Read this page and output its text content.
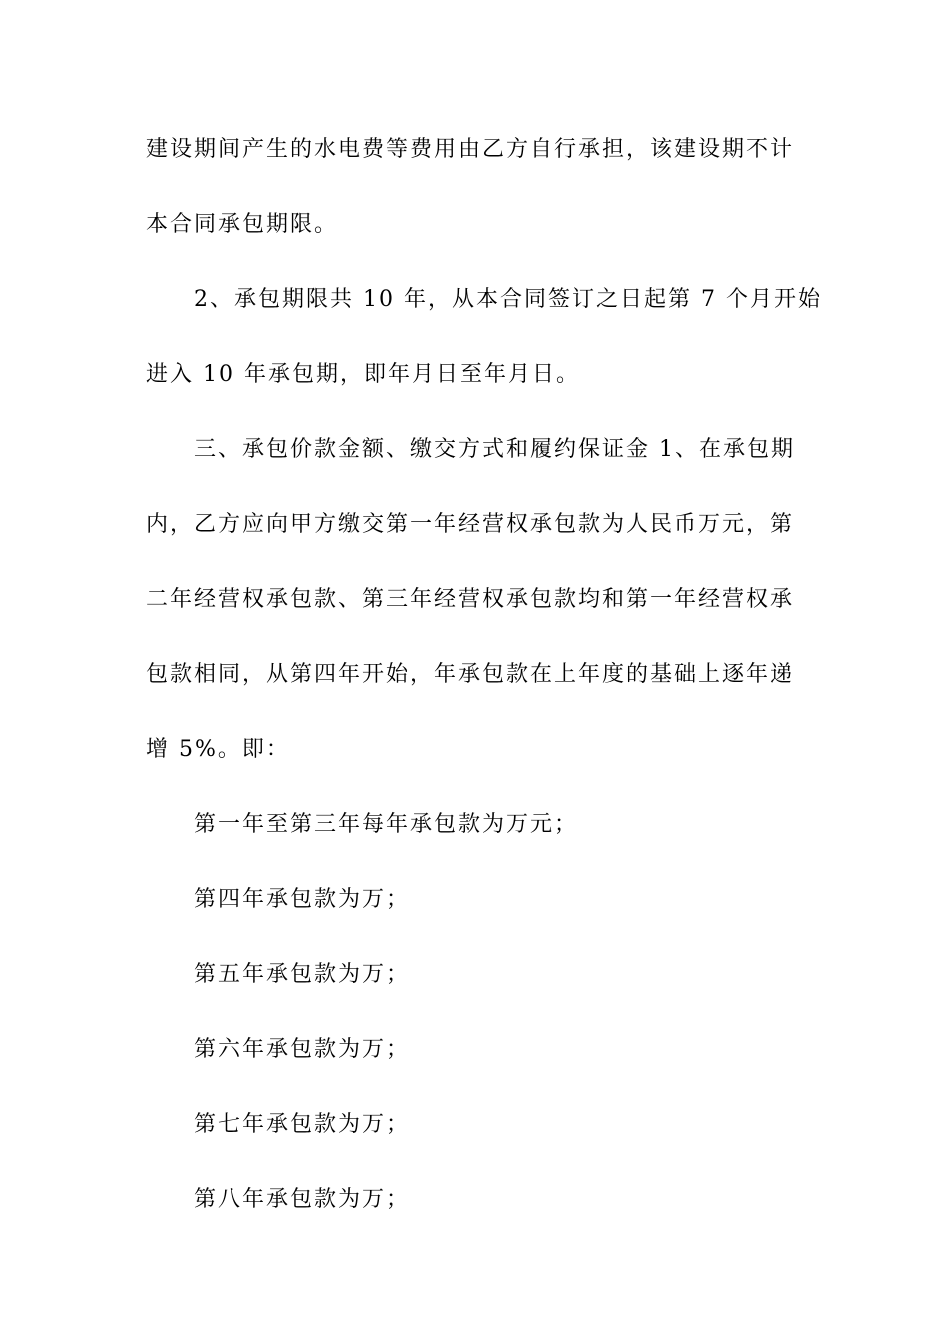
建设期间产生的水电费等费用由乙方自行承担，该建设期不计
本合同承包期限。
2、承包期限共 10 年，从本合同签订之日起第 7 个月开始
进入 10 年承包期，即年月日至年月日。
三、承包价款金额、缴交方式和履约保证金 1、在承包期
内，乙方应向甲方缴交第一年经营权承包款为人民币万元，第
二年经营权承包款、第三年经营权承包款均和第一年经营权承
包款相同，从第四年开始，年承包款在上年度的基础上逐年递
增 5%。即：
第一年至第三年每年承包款为万元；
第四年承包款为万；
第五年承包款为万；
第六年承包款为万；
第七年承包款为万；
第八年承包款为万；
